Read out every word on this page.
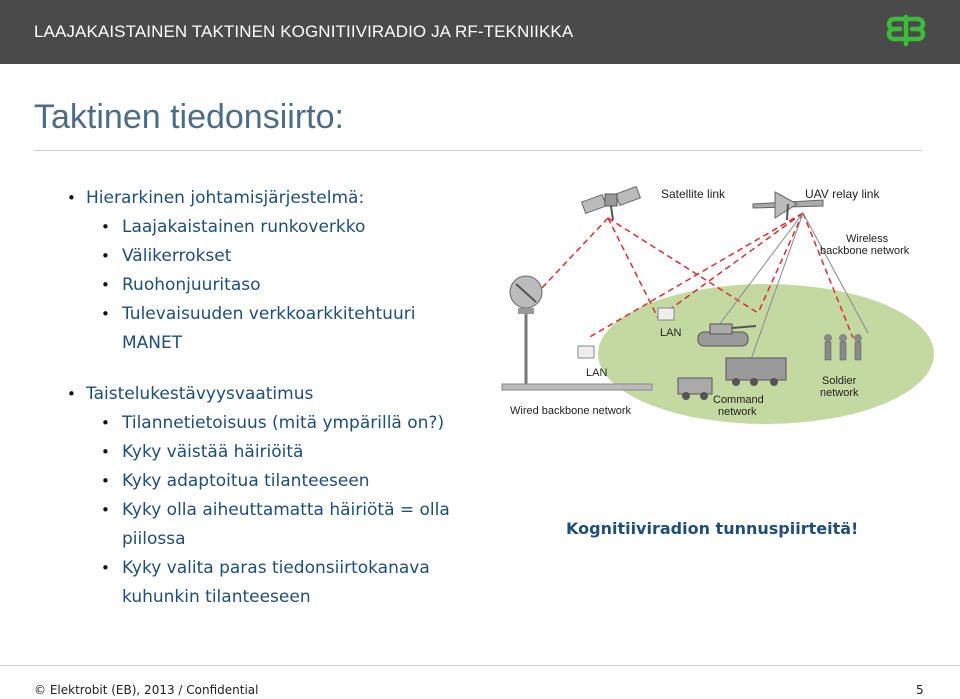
LAAJAKAISTAINEN TAKTINEN KOGNITIIVIRADIO JA RF-TEKNIIKKA
Taktinen tiedonsiirto:
• Hierarkinen johtamisjärjestelmä:
• Laajakaistainen runkoverkko
• Välikerrokset
• Ruohonjuuritaso
• Tulevaisuuden verkkoarkkitehtuuri
MANET
• Taistelukestävyysvaatimus
• Tilannetietoisuus (mitä ympärillä on?)
• Kyky väistää häiriöitä
• Kyky adaptoitua tilanteeseen
• Kyky olla aiheuttamatta häiriötä = olla
piilossa
• Kyky valita paras tiedonsiirtokanava
kuhunkin tilanteeseen
Satellite link	UAV relay link
Wireless
backbone network
Wired backbone network
LAN
LAN
Command
network
Soldier
network
Kognitiiviradion tunnuspiirteitä!
© Elektrobit (EB), 2013 / Confidential	5
